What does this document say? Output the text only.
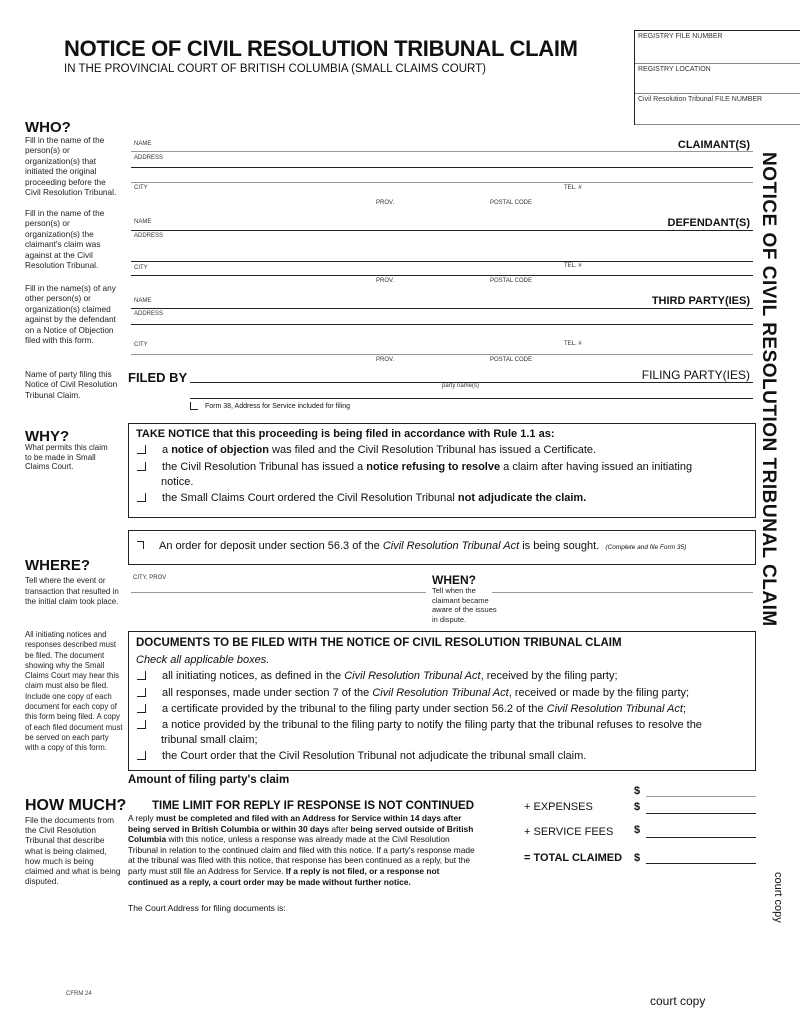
NOTICE OF CIVIL RESOLUTION TRIBUNAL CLAIM
IN THE PROVINCIAL COURT OF BRITISH COLUMBIA (SMALL CLAIMS COURT)
REGISTRY FILE NUMBER
REGISTRY LOCATION
Civil Resolution Tribunal FILE NUMBER
NOTICE OF CIVIL RESOLUTION TRIBUNAL CLAIM
WHO?
Fill in the name of the person(s) or organization(s) that initiated the original proceeding before the Civil Resolution Tribunal.
Fill in the name of the person(s) or organization(s) the claimant's claim was against at the Civil Resolution Tribunal.
Fill in the name(s) of any other person(s) or organization(s) claimed against by the defendant on a Notice of Objection filed with this form.
Name of party filing this Notice of Civil Resolution Tribunal Claim.
CLAIMANT(S)
NAME
ADDRESS
CITY	TEL. #
PROV.	POSTAL CODE
DEFENDANT(S)
NAME
ADDRESS
CITY	TEL. #
PROV.	POSTAL CODE
THIRD PARTY(IES)
NAME
ADDRESS
CITY	TEL. #
PROV.	POSTAL CODE
FILED BY	FILING PARTY(IES)
party name(s)
Form 38, Address for Service included for filing
WHY?
What permits this claim to be made in Small Claims Court.
TAKE NOTICE that this proceeding is being filed in accordance with Rule 1.1 as:
a notice of objection was filed and the Civil Resolution Tribunal has issued a Certificate.
the Civil Resolution Tribunal has issued a notice refusing to resolve a claim after having issued an initiating
notice.
the Small Claims Court ordered the Civil Resolution Tribunal not adjudicate the claim.
An order for deposit under section 56.3 of the Civil Resolution Tribunal Act is being sought. (Complete and file Form 35)
WHERE?
Tell where the event or transaction that resulted in the initial claim took place.
CITY, PROV	WHEN?
Tell when the claimant became aware of the issues in dispute.
All initiating notices and responses described must be filed. The document showing why the Small Claims Court may hear this claim must also be filed. Include one copy of each document for each copy of this form being filed. A copy of each filed document must be served on each party with a copy of this form.
DOCUMENTS TO BE FILED WITH THE NOTICE OF CIVIL RESOLUTION TRIBUNAL CLAIM
Check all applicable boxes.
all initiating notices, as defined in the Civil Resolution Tribunal Act, received by the filing party;
all responses, made under section 7 of the Civil Resolution Tribunal Act, received or made by the filing party;
a certificate provided by the tribunal to the filing party under section 56.2 of the Civil Resolution Tribunal Act;
a notice provided by the tribunal to the filing party to notify the filing party that the tribunal refuses to resolve the
tribunal small claim;
the Court order that the Civil Resolution Tribunal not adjudicate the tribunal small claim.
Amount of filing party's claim
HOW MUCH?
File the documents from the Civil Resolution Tribunal that describe what is being claimed, how much is being claimed and what is being disputed.
$
+ EXPENSES	$
+ SERVICE FEES $
= TOTAL CLAIMED $
TIME LIMIT FOR REPLY IF RESPONSE IS NOT CONTINUED
A reply must be completed and filed with an Address for Service within 14 days after
being served in British Columbia or within 30 days after being served outside of British
Columbia with this notice, unless a response was already made at the Civil Resolution
Tribunal in relation to the continued claim and filed with this notice. If a party's response made
at the tribunal was filed with this notice, that response has been continued as a reply, but the
party must still file an Address for Service. If a reply is not filed, or a response not
continued as a reply, a court order may be made without further notice.
The Court Address for filing documents is:
CFRM 24	court copy
court copy
